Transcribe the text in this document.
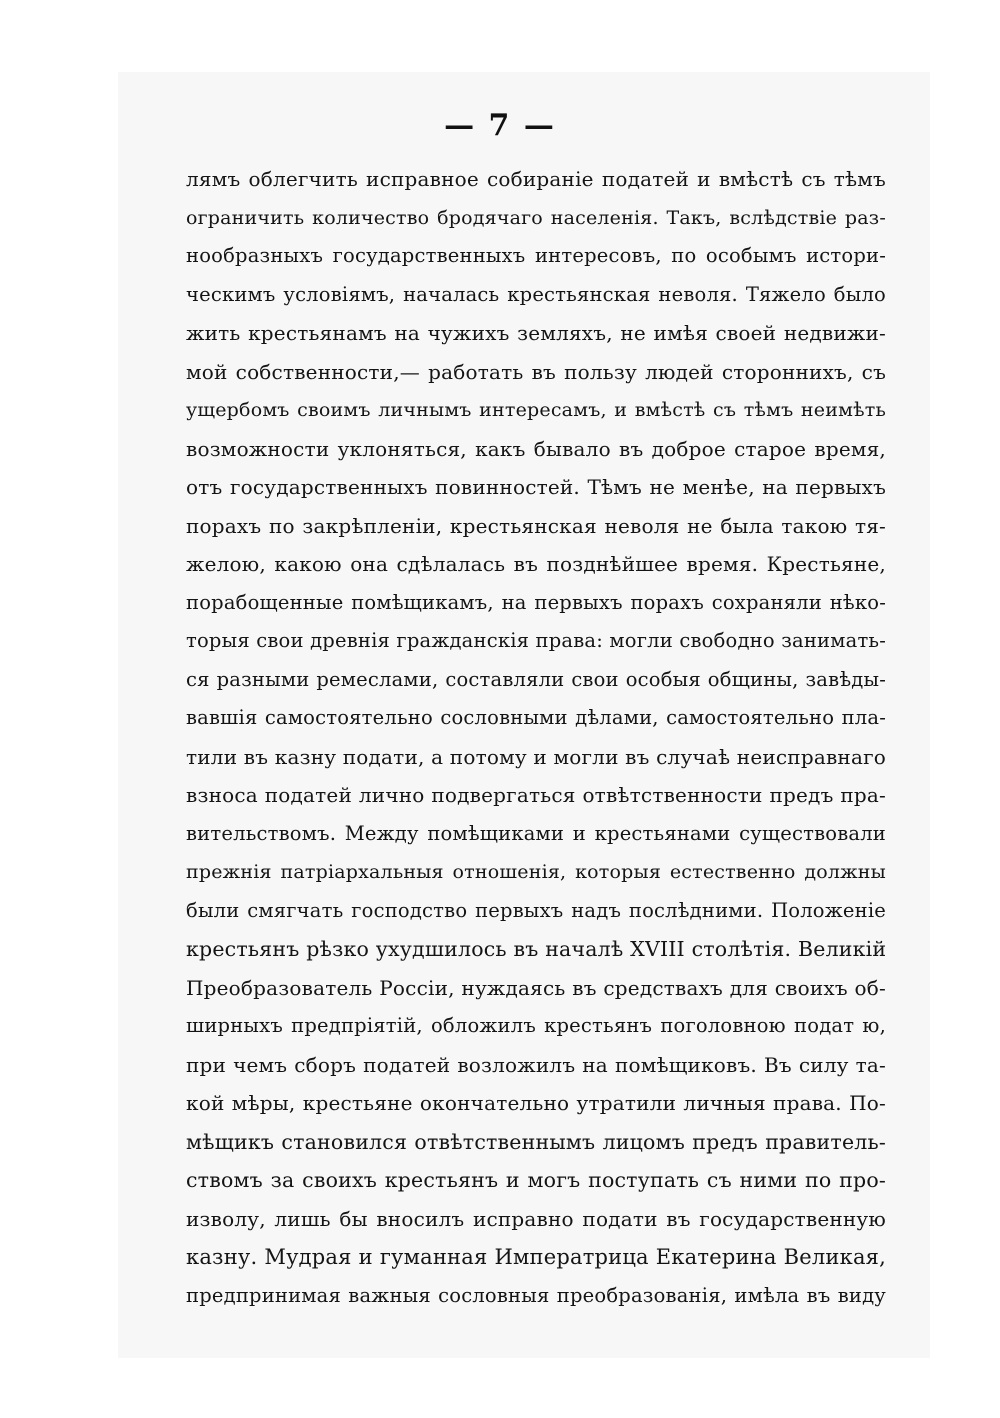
— 7 —
лямъ облегчить исправное собиранiе податей и вмѣстѣ съ тѣмъ
ограничить количество бродячаго населенiя. Такъ, вслѣдствiе раз-
нообразныхъ государственныхъ интересовъ, по особымъ истори-
ческимъ условiямъ, началась крестьянская неволя. Тяжело было
жить крестьянамъ на чужихъ земляхъ, не имѣя своей недвижи-
мой собственности,— работать въ пользу людей стороннихъ, съ
ущербомъ своимъ личнымъ интересамъ, и вмѣстѣ съ тѣмъ неимѣть
возможности уклоняться, какъ бывало въ доброе старое время,
отъ государственныхъ повинностей. Тѣмъ не менѣе, на первыхъ
порахъ по закрѣпленiи, крестьянская неволя не была такою тя-
желою, какою она сдѣлалась въ позднѣйшее время. Крестьяне,
порабощенные помѣщикамъ, на первыхъ порахъ сохраняли нѣко-
торыя свои древнiя гражданскiя права: могли свободно занимать-
ся разными ремеслами, составляли свои особыя общины, завѣды-
вавшiя самостоятельно сословными дѣлами, самостоятельно пла-
тили въ казну подати, а потому и могли въ случаѣ неисправнаго
взноса податей лично подвергаться отвѣтственности предъ пра-
вительствомъ. Между помѣщиками и крестьянами существовали
прежнiя патрiархальныя отношенiя, которыя естественно должны
были смягчать господство первыхъ надъ послѣдними. Положенiе
крестьянъ рѣзко ухудшилось въ началѣ XVIII столѣтiя. Великiй
Преобразователь Россiи, нуждаясь въ средствахъ для своихъ об-
ширныхъ предпрiятiй, обложилъ крестьянъ поголовною подат ю,
при чемъ сборъ податей возложилъ на помѣщиковъ. Въ силу та-
кой мѣры, крестьяне окончательно утратили личныя права. По-
мѣщикъ становился отвѣтственнымъ лицомъ предъ правитель-
ствомъ за своихъ крестьянъ и могъ поступать съ ними по про-
изволу, лишь бы вносилъ исправно подати въ государственную
казну. Мудрая и гуманная Императрица Екатерина Великая,
предпринимая важныя сословныя преобразованiя, имѣла въ виду
